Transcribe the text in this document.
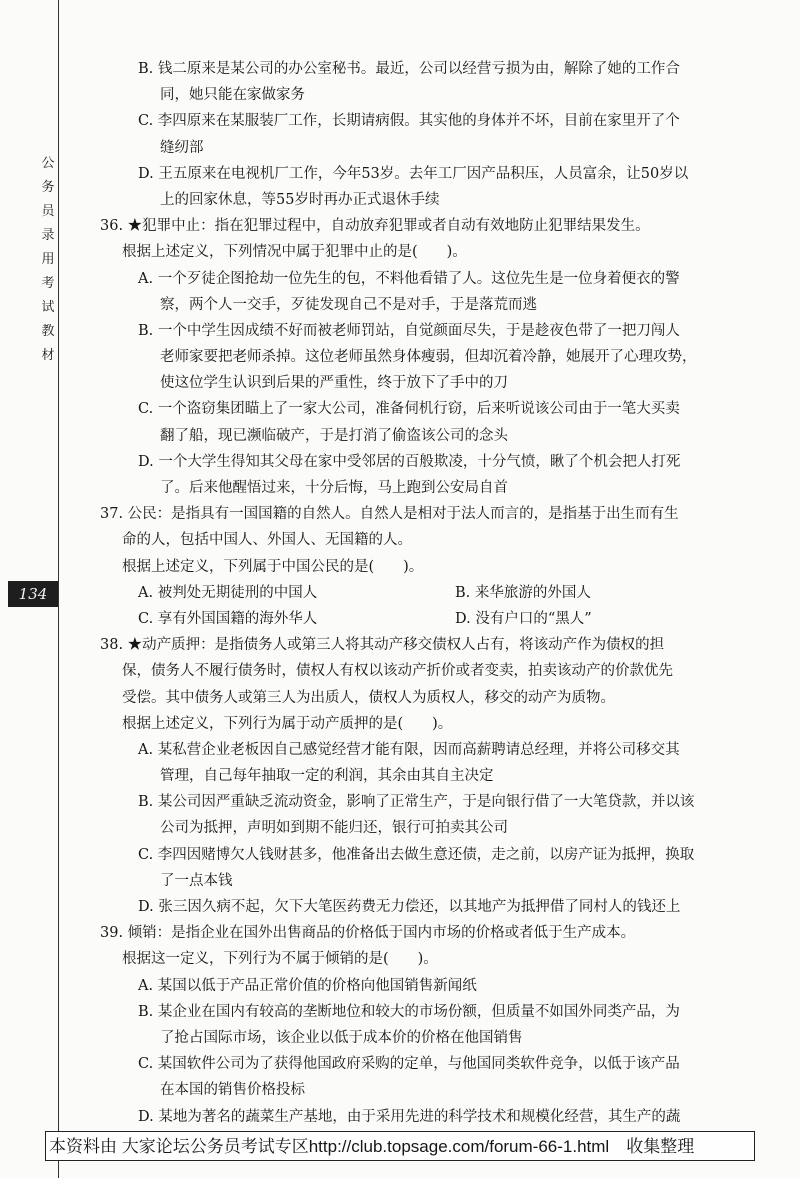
公务员录用考试教材
134
B. 钱二原来是某公司的办公室秘书。最近，公司以经营亏损为由，解除了她的工作合
同，她只能在家做家务
C. 李四原来在某服装厂工作，长期请病假。其实他的身体并不坏，目前在家里开了个
缝纫部
D. 王五原来在电视机厂工作，今年53岁。去年工厂因产品积压，人员富余，让50岁以
上的回家休息，等55岁时再办正式退休手续
36. ★犯罪中止：指在犯罪过程中，自动放弃犯罪或者自动有效地防止犯罪结果发生。
根据上述定义，下列情况中属于犯罪中止的是(　　)。
A. 一个歹徒企图抢劫一位先生的包，不料他看错了人。这位先生是一位身着便衣的警
察，两个人一交手，歹徒发现自己不是对手，于是落荒而逃
B. 一个中学生因成绩不好而被老师罚站，自觉颜面尽失，于是趁夜色带了一把刀闯人
老师家要把老师杀掉。这位老师虽然身体瘦弱，但却沉着冷静，她展开了心理攻势，
使这位学生认识到后果的严重性，终于放下了手中的刀
C. 一个盗窃集团瞄上了一家大公司，准备伺机行窃，后来听说该公司由于一笔大买卖
翻了船，现已濒临破产，于是打消了偷盗该公司的念头
D. 一个大学生得知其父母在家中受邻居的百般欺凌，十分气愤，瞅了个机会把人打死
了。后来他醒悟过来，十分后悔，马上跑到公安局自首
37. 公民：是指具有一国国籍的自然人。自然人是相对于法人而言的，是指基于出生而有生
命的人，包括中国人、外国人、无国籍的人。
根据上述定义，下列属于中国公民的是(　　)。
A. 被判处无期徒刑的中国人	B. 来华旅游的外国人
C. 享有外国国籍的海外华人	D. 没有户口的“黑人”
38. ★动产质押：是指债务人或第三人将其动产移交债权人占有，将该动产作为债权的担
保，债务人不履行债务时，债权人有权以该动产折价或者变卖，拍卖该动产的价款优先
受偿。其中债务人或第三人为出质人，债权人为质权人，移交的动产为质物。
根据上述定义，下列行为属于动产质押的是(　　)。
A. 某私营企业老板因自己感觉经营才能有限，因而高薪聘请总经理，并将公司移交其
管理，自己每年抽取一定的利润，其余由其自主决定
B. 某公司因严重缺乏流动资金，影响了正常生产，于是向银行借了一大笔贷款，并以该
公司为抵押，声明如到期不能归还，银行可拍卖其公司
C. 李四因赌博欠人钱财甚多，他准备出去做生意还债，走之前，以房产证为抵押，换取
了一点本钱
D. 张三因久病不起，欠下大笔医药费无力偿还，以其地产为抵押借了同村人的钱还上
39. 倾销：是指企业在国外出售商品的价格低于国内市场的价格或者低于生产成本。
根据这一定义，下列行为不属于倾销的是(　　)。
A. 某国以低于产品正常价值的价格向他国销售新闻纸
B. 某企业在国内有较高的垄断地位和较大的市场份额，但质量不如国外同类产品，为
了抢占国际市场，该企业以低于成本价的价格在他国销售
C. 某国软件公司为了获得他国政府采购的定单，与他国同类软件竞争，以低于该产品
在本国的销售价格投标
D. 某地为著名的蔬菜生产基地，由于采用先进的科学技术和规模化经营，其生产的蔬
本资料由 大家论坛公务员考试专区http://club.topsage.com/forum-66-1.html　收集整理
